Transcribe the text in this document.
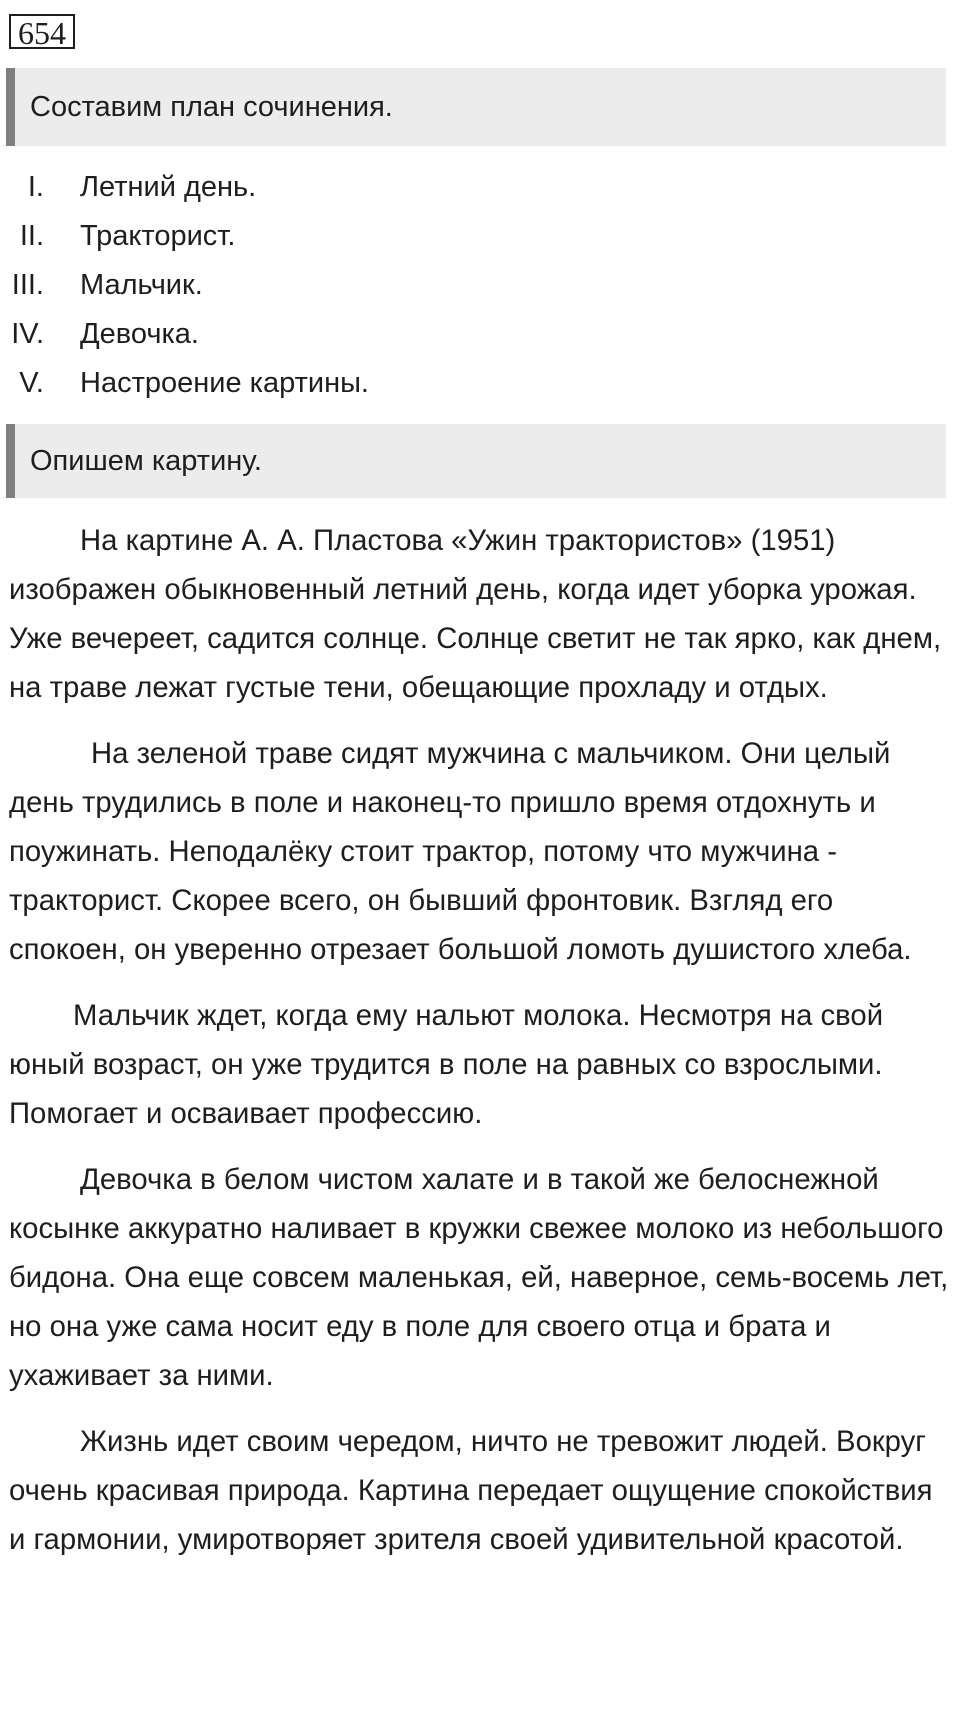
654
Составим план сочинения.
I. Летний день.
II. Тракторист.
III. Мальчик.
IV. Девочка.
V. Настроение картины.
Опишем картину.

На картине А. А. Пластова «Ужин трактористов» (1951) изображен обыкновенный летний день, когда идет уборка урожая. Уже вечереет, садится солнце. Солнце светит не так ярко, как днем, на траве лежат густые тени, обещающие прохладу и отдых.

На зеленой траве сидят мужчина с мальчиком. Они целый день трудились в поле и наконец-то пришло время отдохнуть и поужинать. Неподалёку стоит трактор, потому что мужчина - тракторист. Скорее всего, он бывший фронтовик. Взгляд его спокоен, он уверенно отрезает большой ломоть душистого хлеба.

Мальчик ждет, когда ему нальют молока. Несмотря на свой юный возраст, он уже трудится в поле на равных со взрослыми. Помогает и осваивает профессию.

Девочка в белом чистом халате и в такой же белоснежной косынке аккуратно наливает в кружки свежее молоко из небольшого бидона. Она еще совсем маленькая, ей, наверное, семь-восемь лет, но она уже сама носит еду в поле для своего отца и брата и ухаживает за ними.

Жизнь идет своим чередом, ничто не тревожит людей. Вокруг очень красивая природа. Картина передает ощущение спокойствия и гармонии, умиротворяет зрителя своей удивительной красотой.
